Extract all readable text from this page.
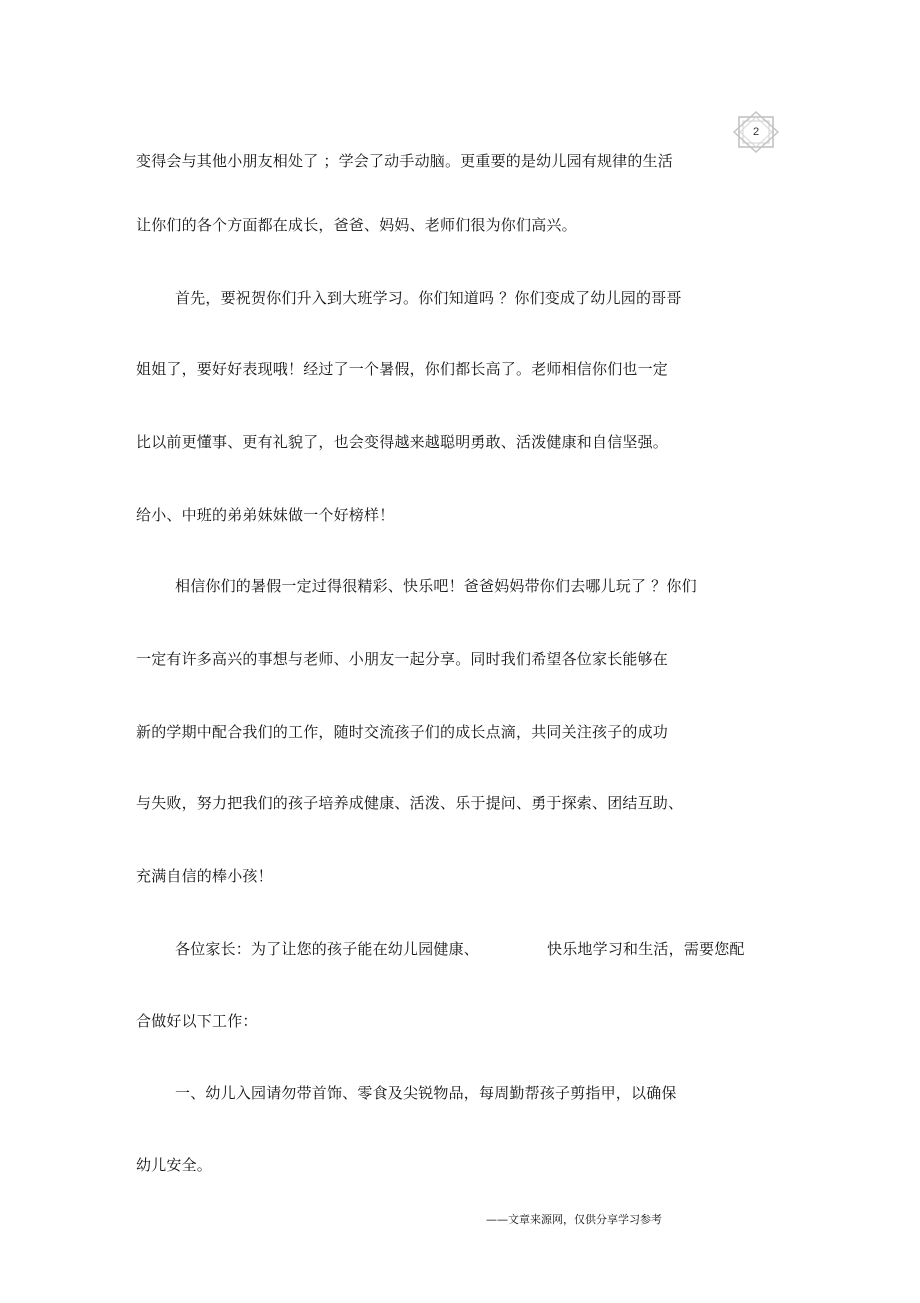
2

变得会与其他小朋友相处了 ；学会了动手动脑。更重要的是幼儿园有规律的生活

让你们的各个方面都在成长，爸爸、妈妈、老师们很为你们高兴。

首先，要祝贺你们升入到大班学习。你们知道吗 ？你们变成了幼儿园的哥哥

姐姐了，要好好表现哦！经过了一个暑假，你们都长高了。老师相信你们也一定

比以前更懂事、更有礼貌了，也会变得越来越聪明勇敢、活泼健康和自信坚强。

给小、中班的弟弟妹妹做一个好榜样！

相信你们的暑假一定过得很精彩、快乐吧！爸爸妈妈带你们去哪儿玩了 ？你们

一定有许多高兴的事想与老师、小朋友一起分享。同时我们希望各位家长能够在

新的学期中配合我们的工作，随时交流孩子们的成长点滴，共同关注孩子的成功

与失败，努力把我们的孩子培养成健康、活泼、乐于提问、勇于探索、团结互助、

充满自信的棒小孩！

各位家长：为了让您的孩子能在幼儿园健康、	快乐地学习和生活，需要您配

合做好以下工作：

一、幼儿入园请勿带首饰、零食及尖锐物品，每周勤帮孩子剪指甲，以确保

幼儿安全。

——文章来源网，仅供分享学习参考
